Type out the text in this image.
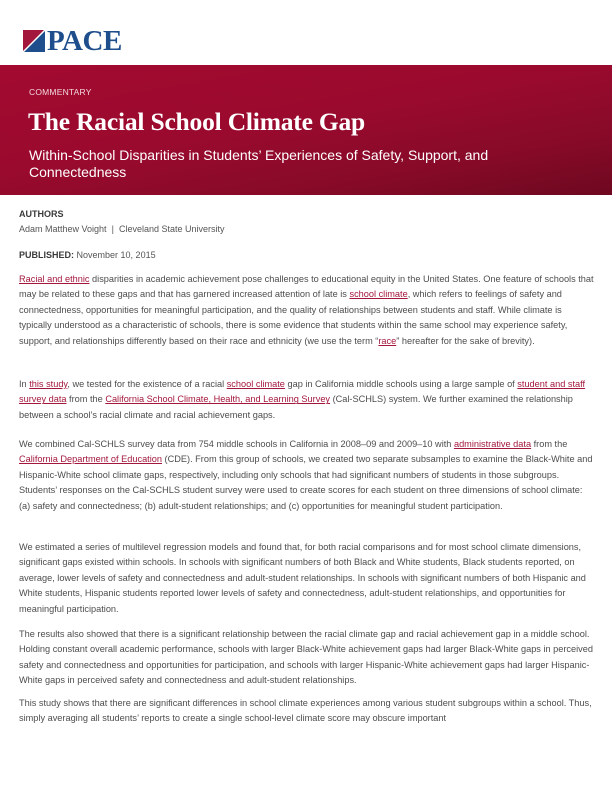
PACE
COMMENTARY
The Racial School Climate Gap
Within-School Disparities in Students’ Experiences of Safety, Support, and Connectedness
AUTHORS
Adam Matthew Voight | Cleveland State University
PUBLISHED: November 10, 2015

Racial and ethnic disparities in academic achievement pose challenges to educational equity in the United States. One feature of schools that may be related to these gaps and that has garnered increased attention of late is school climate, which refers to feelings of safety and connectedness, opportunities for meaningful participation, and the quality of relationships between students and staff. While climate is typically understood as a characteristic of schools, there is some evidence that students within the same school may experience safety, support, and relationships differently based on their race and ethnicity (we use the term “race” hereafter for the sake of brevity).

In this study, we tested for the existence of a racial school climate gap in California middle schools using a large sample of student and staff survey data from the California School Climate, Health, and Learning Survey (Cal-SCHLS) system. We further examined the relationship between a school’s racial climate and racial achievement gaps.

We combined Cal-SCHLS survey data from 754 middle schools in California in 2008–09 and 2009–10 with administrative data from the California Department of Education (CDE). From this group of schools, we created two separate subsamples to examine the Black-White and Hispanic-White school climate gaps, respectively, including only schools that had significant numbers of students in those subgroups. Students’ responses on the Cal-SCHLS student survey were used to create scores for each student on three dimensions of school climate: (a) safety and connectedness; (b) adult-student relationships; and (c) opportunities for meaningful student participation.

We estimated a series of multilevel regression models and found that, for both racial comparisons and for most school climate dimensions, significant gaps existed within schools. In schools with significant numbers of both Black and White students, Black students reported, on average, lower levels of safety and connectedness and adult-student relationships. In schools with significant numbers of both Hispanic and White students, Hispanic students reported lower levels of safety and connectedness, adult-student relationships, and opportunities for meaningful participation.

The results also showed that there is a significant relationship between the racial climate gap and racial achievement gap in a middle school. Holding constant overall academic performance, schools with larger Black-White achievement gaps had larger Black-White gaps in perceived safety and connectedness and opportunities for participation, and schools with larger Hispanic-White achievement gaps had larger Hispanic-White gaps in perceived safety and connectedness and adult-student relationships.

This study shows that there are significant differences in school climate experiences among various student subgroups within a school. Thus, simply averaging all students’ reports to create a single school-level climate score may obscure important
